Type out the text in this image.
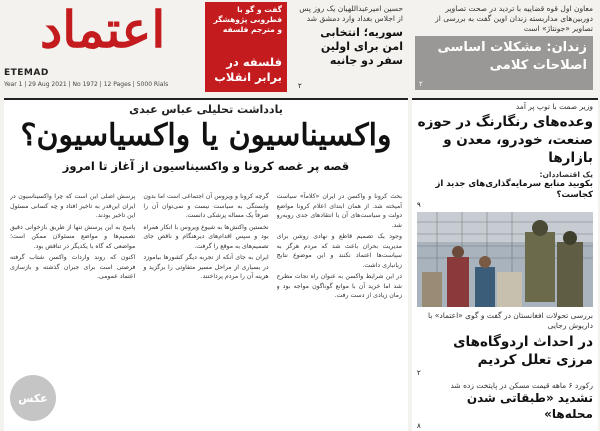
اعتماد
ETEMAD
Year 1 | 29 Aug 2021 | No 1972 | 12 Pages | 5000 Rials
گفت و گو با فطروبی پژوهشگر و مترجم فلسفه
فلسفه در برابر انقلاب
حسین امیرعبداللهیان یک روز پس از اجلاس بغداد وارد دمشق شد
سوریه؛ انتخابی امن برای اولین سفر دو جانبه
۲
معاون اول قوه قضاییه با تردید در صحت تصاویر دوربین‌های مداربسته زندان اوین گفت به بررسی از تصاویر «جونتاژ» است
زندان: مشکلات اساسی اصلاحات کلامی
۲
یادداشت تحلیلی عباس عبدی
واکسیناسیون یا واکسیاسیون؟
قصه پر غصه کرونا و واکسیناسیون از آغاز تا امروز

بحث کرونا و واکسن در ایران «کلاماً» سیاست آمیخته شد. از همان ابتدای اعلام کرونا مواضع دولت و سیاست‌های آن با انتقادهای جدی روبه‌رو شد.

وجود یک تصمیم قاطع و نهادی روشن برای مدیریت بحران باعث شد که مردم هرگز به سیاست‌ها اعتماد نکنند و این موضوع نتایج زیانباری داشت.

در این شرایط واکسن به عنوان راه نجات مطرح شد اما خرید آن با موانع گوناگون مواجه بود و زمان زیادی از دست رفت.

گرچه کرونا و ویروس آن اجتماعی است اما بدون وابستگی به سیاست نیست و نمی‌توان آن را صرفاً یک مساله پزشکی دانست.

نخستین واکنش‌ها به شیوع ویروس با انکار همراه بود و سپس اقدام‌های دیرهنگام و ناقص جای تصمیم‌های به موقع را گرفت.

ایران به جای آنکه از تجربه دیگر کشورها بیاموزد در بسیاری از مراحل مسیر متفاوتی را برگزید و هزینه آن را مردم پرداختند.

پرسش اصلی این است که چرا واکسیناسیون در ایران این‌قدر به تاخیر افتاد و چه کسانی مسئول این تاخیر بودند.

پاسخ به این پرسش تنها از طریق بازخوانی دقیق تصمیم‌ها و مواضع مسئولان ممکن است؛ مواضعی که گاه با یکدیگر در تناقض بود.

اکنون که روند واردات واکسن شتاب گرفته فرصتی است برای جبران گذشته و بازسازی اعتماد عمومی.

عکس
وزیر صمت با توپ پر آمد
وعده‌های رنگارنگ در حوزه صنعت، خودرو، معدن و بازارها
یک اقتصاددان:
بکوبید منابع سرمایه‌گذاری‌های جدید از کجاست؟
۹
بررسی تحولات افغانستان در گفت و گوی «اعتماد» با داریوش رجایی
در احداث اردوگاه‌های مرزی تعلل کردیم
۲
رکورد ۶ ماهه قیمت مسکن در پایتخت زده شد
تشدید «طبقاتی شدن محله‌ها»
۸
